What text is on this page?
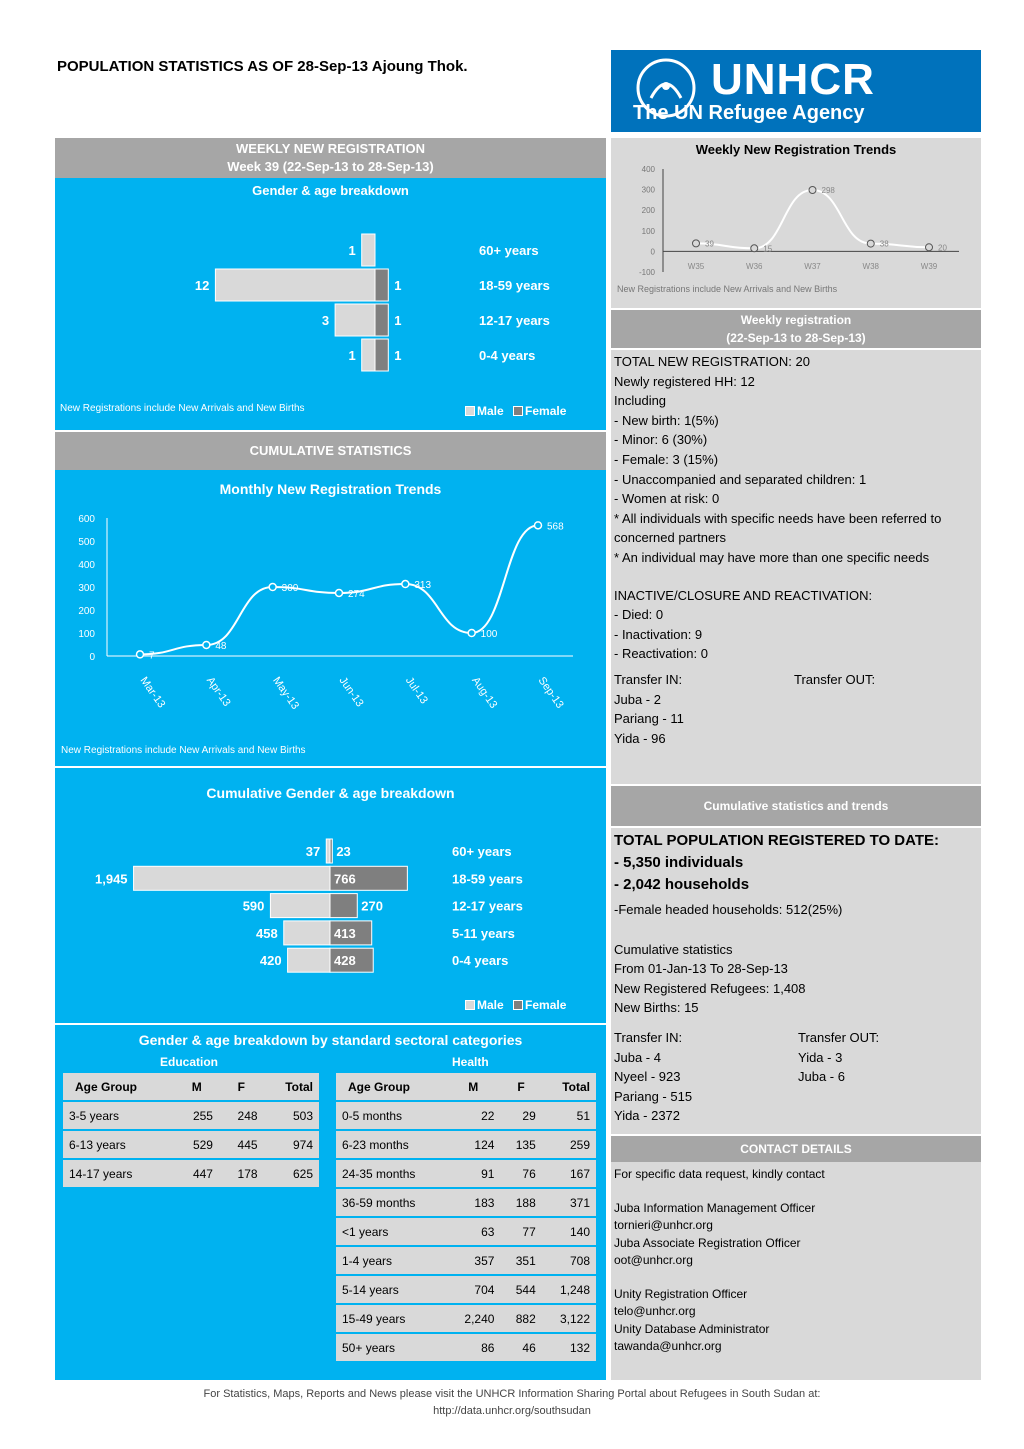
POPULATION STATISTICS AS OF 28-Sep-13 Ajoung Thok.	UNHCR
The UN Refugee Agency
WEEKLY NEW REGISTRATION
Week 39 (22-Sep-13 to 28-Sep-13)
Gender & age breakdown
1	60+ years
12	1	18-59 years
3	1	12-17 years
1	1	0-4 years
New Registrations include New Arrivals and New Births	Male Female
CUMULATIVE STATISTICS
Monthly New Registration Trends
600
500
400
300
200
100
0	7
Mar-13
48
Apr-13
300
May-13
274
Jun-13
313
Jul-13
100
Aug-13
568
Sep-13
New Registrations include New Arrivals and New Births
Cumulative Gender & age breakdown
37 23	60+ years
1,945	766	18-59 years
590	270	12-17 years
458	413	5-11 years
420	428	0-4 years
Male Female
Gender & age breakdown by standard sectoral categories
Education	Health
Age Group	M	F	Total
3-5 years	255	248	503
6-13 years	529	445	974
14-17 years	447	178	625
Age Group	M	F	Total
0-5 months	22	29	51
6-23 months	124	135	259
24-35 months	91	76	167
36-59 months	183	188	371
<1 years	63	77	140
1-4 years	357	351	708
5-14 years	704	544	1,248
15-49 years	2,240	882	3,122
50+ years	86	46	132
Weekly New Registration Trends
400
300
200
100
0
-100
39
W35
15
W36
298
W37
38
W38
20
W39
New Registrations include New Arrivals and New Births
Weekly registration
(22-Sep-13 to 28-Sep-13)
TOTAL NEW REGISTRATION: 20
Newly registered HH: 12
Including
- New birth: 1(5%)
- Minor: 6 (30%)
- Female: 3 (15%)
- Unaccompanied and separated children: 1
- Women at risk: 0
* All individuals with specific needs have been referred to concerned partners
* An individual may have more than one specific needs
INACTIVE/CLOSURE AND REACTIVATION:
- Died: 0
- Inactivation: 9
- Reactivation: 0
Transfer IN:
Juba - 2
Pariang - 11
Yida - 96
Transfer OUT:
Cumulative statistics and trends
TOTAL POPULATION REGISTERED TO DATE:
- 5,350 individuals
- 2,042 households
-Female headed households: 512(25%)
Cumulative statistics
From 01-Jan-13 To 28-Sep-13
New Registered Refugees: 1,408
New Births: 15
Transfer IN:
Juba - 4
Nyeel - 923
Pariang - 515
Yida - 2372
Transfer OUT:
Yida - 3
Juba - 6
CONTACT DETAILS
For specific data request, kindly contact
Juba Information Management Officer
tornieri@unhcr.org
Juba Associate Registration Officer
oot@unhcr.org
Unity Registration Officer
telo@unhcr.org
Unity Database Administrator
tawanda@unhcr.org
For Statistics, Maps, Reports and News please visit the UNHCR Information Sharing Portal about Refugees in South Sudan at:
http://data.unhcr.org/southsudan
